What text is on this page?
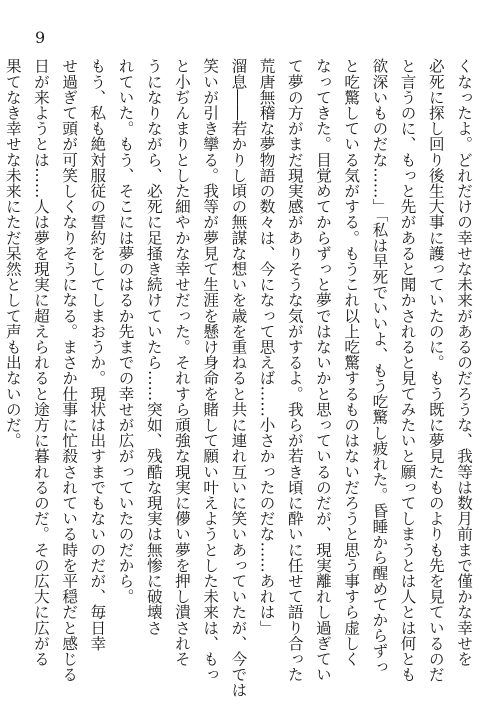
9
くなったよ。どれだけの幸せな未来があるのだろうな、我等は数月前まで僅かな幸せを
必死に探し回り後生大事に護っていたのに。もう既に夢見たものよりも先を見ているのだ
と言うのに、もっと先があると聞かされると見てみたいと願ってしまうとは人とは何とも
欲深いものだな……」「私は早死でいいよ、もう吃驚し疲れた。昏睡から醒めてからずっ
と吃驚している気がする。もうこれ以上吃驚するものはないだろうと思う事すら虚しく
なってきた。目覚めてからずっと夢ではないかと思っているのだが、現実離れし過ぎてい
て夢の方がまだ現実感がありそうな気がするよ。我らが若き頃に酔いに任せて語り合った
荒唐無稽な夢物語の数々は、今になって思えば……小さかったのだな……あれは」
溜息――若かりし頃の無謀な想いを歳を重ねると共に連れ互いに笑いあっていたが、今では
笑いが引き攣る。我等が夢見て生涯を懸け身命を賭して願い叶えようとした未来は、もっ
と小ぢんまりとした細やかな幸せだった。それすら頑強な現実に儚い夢を押し潰されそ
うになりながら、必死に足掻き続けていたら……突如、残酷な現実は無惨に破壊さ
れていた。もう、そこには夢のはるか先までの幸せが広がっていたのだから。
もう、私も絶対服従の誓約をしてしまおうか。現状は出すまでもないのだが、毎日幸
せ過ぎて頭が可笑しくなりそうになる。まさか仕事に忙殺されている時を平穏だと感じる
日が来ようとは……人は夢を現実に超えられると途方に暮れるのだ。その広大に広がる
果てなき幸せな未来にただ呆然として声も出ないのだ。
